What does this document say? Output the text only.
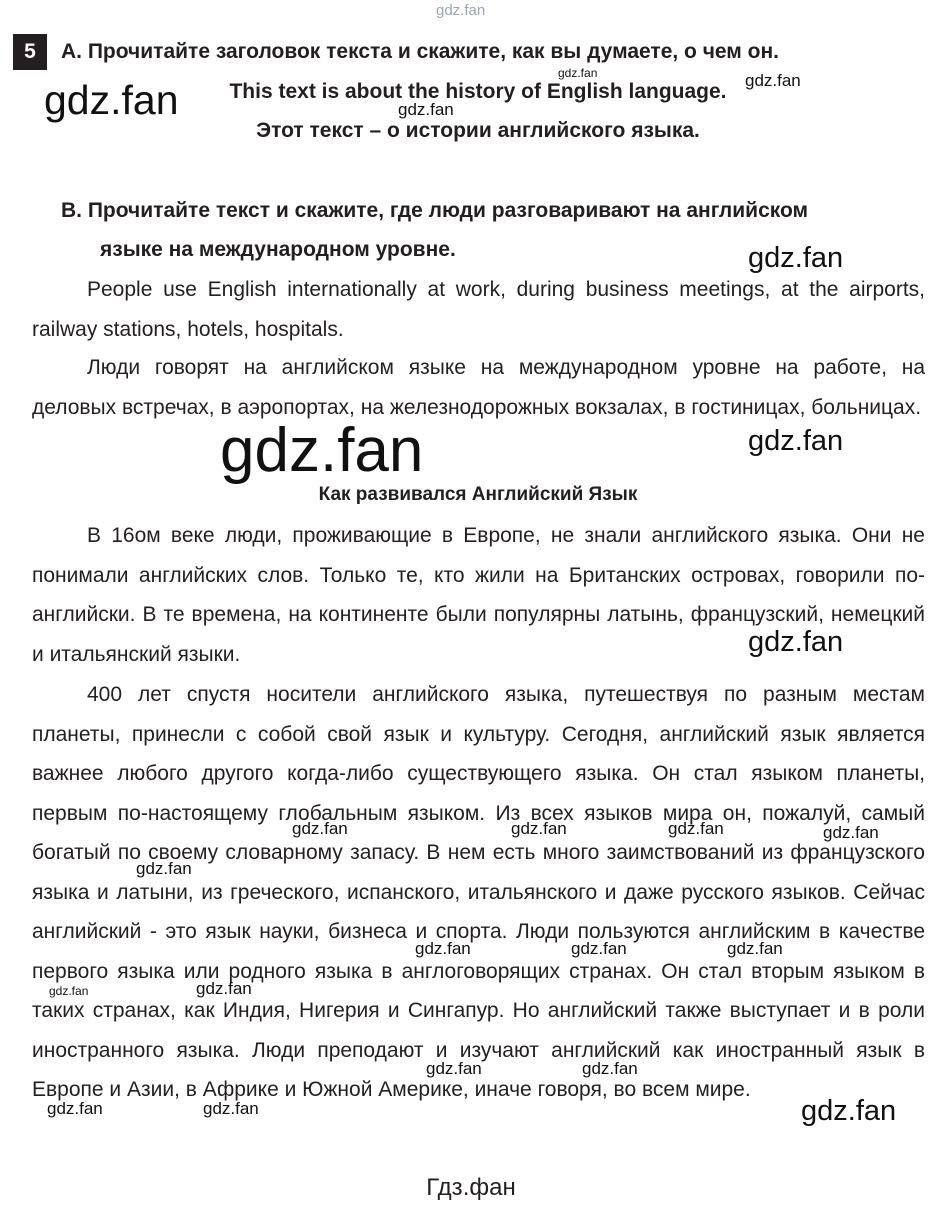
gdz.fan
5	A. Прочитайте заголовок текста и скажите, как вы думаете, о чем он.
This text is about the history of English language.
Этот текст – о истории английского языка.
B. Прочитайте текст и скажите, где люди разговаривают на английском
языке на международном уровне.

People use English internationally at work, during business meetings, at the airports, railway stations, hotels, hospitals.

Люди говорят на английском языке на международном уровне на работе, на деловых встречах, в аэропортах, на железнодорожных вокзалах, в гостиницах, больницах.

Как развивался Английский Язык

В 16ом веке люди, проживающие в Европе, не знали английского языка. Они не понимали английских слов. Только те, кто жили на Британских островах, говорили по-английски. В те времена, на континенте были популярны латынь, французский, немецкий и итальянский языки.

400 лет спустя носители английского языка, путешествуя по разным местам планеты, принесли с собой свой язык и культуру. Сегодня, английский язык является важнее любого другого когда-либо существующего языка. Он стал языком планеты, первым по-настоящему глобальным языком. Из всех языков мира он, пожалуй, самый богатый по своему словарному запасу. В нем есть много заимствований из французского языка и латыни, из греческого, испанского, итальянского и даже русского языков. Сейчас английский - это язык науки, бизнеса и спорта. Люди пользуются английским в качестве первого языка или родного языка в англоговорящих странах. Он стал вторым языком в таких странах, как Индия, Нигерия и Сингапур. Но английский также выступает и в роли иностранного языка. Люди преподают и изучают английский как иностранный язык в Европе и Азии, в Африке и Южной Америке, иначе говоря, во всем мире.

gdz.fan
gdz.fan	gdz.fan
gdz.fan
gdz.fan
gdz.fan	gdz.fan
gdz.fan
gdz.fan	gdz.fan	gdz.fan	gdz.fan
gdz.fan
gdz.fan	gdz.fan	gdz.fan
gdz.fan	gdz.fan
gdz.fan	gdz.fan
gdz.fan	gdz.fan	gdz.fan
Гдз.фан
